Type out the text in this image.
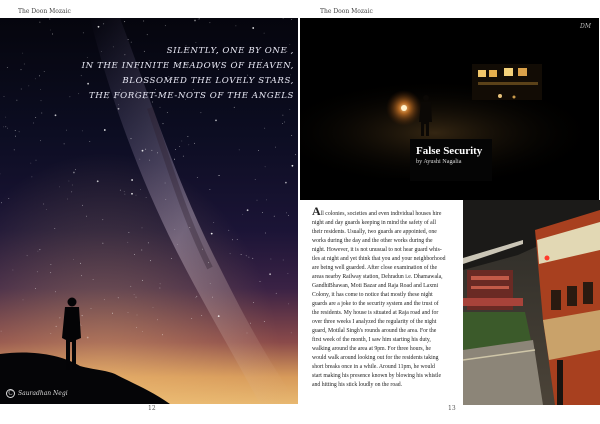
The Doon Mozaic	The Doon Mozaic
SILENTLY, ONE BY ONE ,
IN THE INFINITE MEADOWS OF HEAVEN,
BLOSSOMED THE LOVELY STARS,
THE FORGET-ME-NOTS OF THE ANGELS
C Sauradhan Negi
DM
False Security
by Ayushi Nagalia

All colonies, societies and even individual houses hire

night and day guards keeping in mind the safety of all

their residents. Usually, two guards are appointed, one

works during the day and the other works during the

night. However, it is not unusual to not hear guard whis-

tles at night and yet think that you and your neighborhood

are being well guarded. After close examination of the

areas nearby Railway station, Dehradun i.e. Dhamawala,

GandhiBhawan, Moti Bazar and Raja Road and Laxmi

Colony, it has come to notice that mostly these night

guards are a joke to the security system and the trust of

the residents. My house is situated at Raja road and for

over three weeks I analyzed the regularity of the night

guard, Motilal Singh's rounds around the area. For the

first week of the month, I saw him starting his duty,

walking around the area at 9pm. For three hours, he

would walk around looking out for the residents taking

short breaks once in a while. Around 11pm, he would

start making his presence known by blowing his whistle

and hitting his stick loudly on the road.

12	13
